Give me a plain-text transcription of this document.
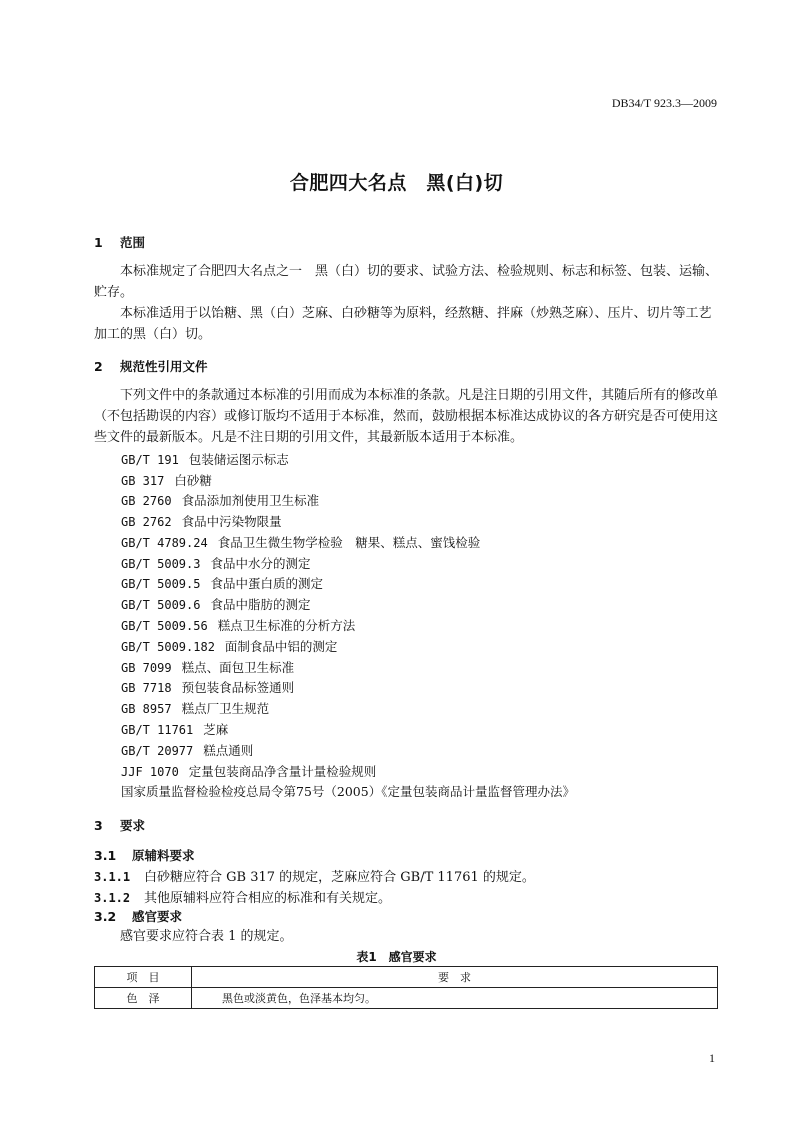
DB34/T 923.3—2009
合肥四大名点　黑(白)切
1 范围
本标准规定了合肥四大名点之一　黑（白）切的要求、试验方法、检验规则、标志和标签、包装、运输、贮存。
本标准适用于以饴糖、黑（白）芝麻、白砂糖等为原料，经熬糖、拌麻（炒熟芝麻）、压片、切片等工艺加工的黑（白）切。
2 规范性引用文件
下列文件中的条款通过本标准的引用而成为本标准的条款。凡是注日期的引用文件，其随后所有的修改单（不包括勘误的内容）或修订版均不适用于本标准，然而，鼓励根据本标准达成协议的各方研究是否可使用这些文件的最新版本。凡是不注日期的引用文件，其最新版本适用于本标准。
GB/T 191 包装储运图示标志
GB 317 白砂糖
GB 2760 食品添加剂使用卫生标准
GB 2762 食品中污染物限量
GB/T 4789.24 食品卫生微生物学检验　糖果、糕点、蜜饯检验
GB/T 5009.3 食品中水分的测定
GB/T 5009.5 食品中蛋白质的测定
GB/T 5009.6 食品中脂肪的测定
GB/T 5009.56 糕点卫生标准的分析方法
GB/T 5009.182 面制食品中铝的测定
GB 7099 糕点、面包卫生标准
GB 7718 预包装食品标签通则
GB 8957 糕点厂卫生规范
GB/T 11761 芝麻
GB/T 20977 糕点通则
JJF 1070 定量包装商品净含量计量检验规则
国家质量监督检验检疫总局令第75号（2005）《定量包装商品计量监督管理办法》
3 要求
3.1 原辅料要求
3.1.1 白砂糖应符合 GB 317 的规定，芝麻应符合 GB/T 11761 的规定。
3.1.2 其他原辅料应符合相应的标准和有关规定。
3.2 感官要求
感官要求应符合表 1 的规定。
表1　感官要求
项　目	要　求
色　泽	黑色或淡黄色，色泽基本均匀。
1
